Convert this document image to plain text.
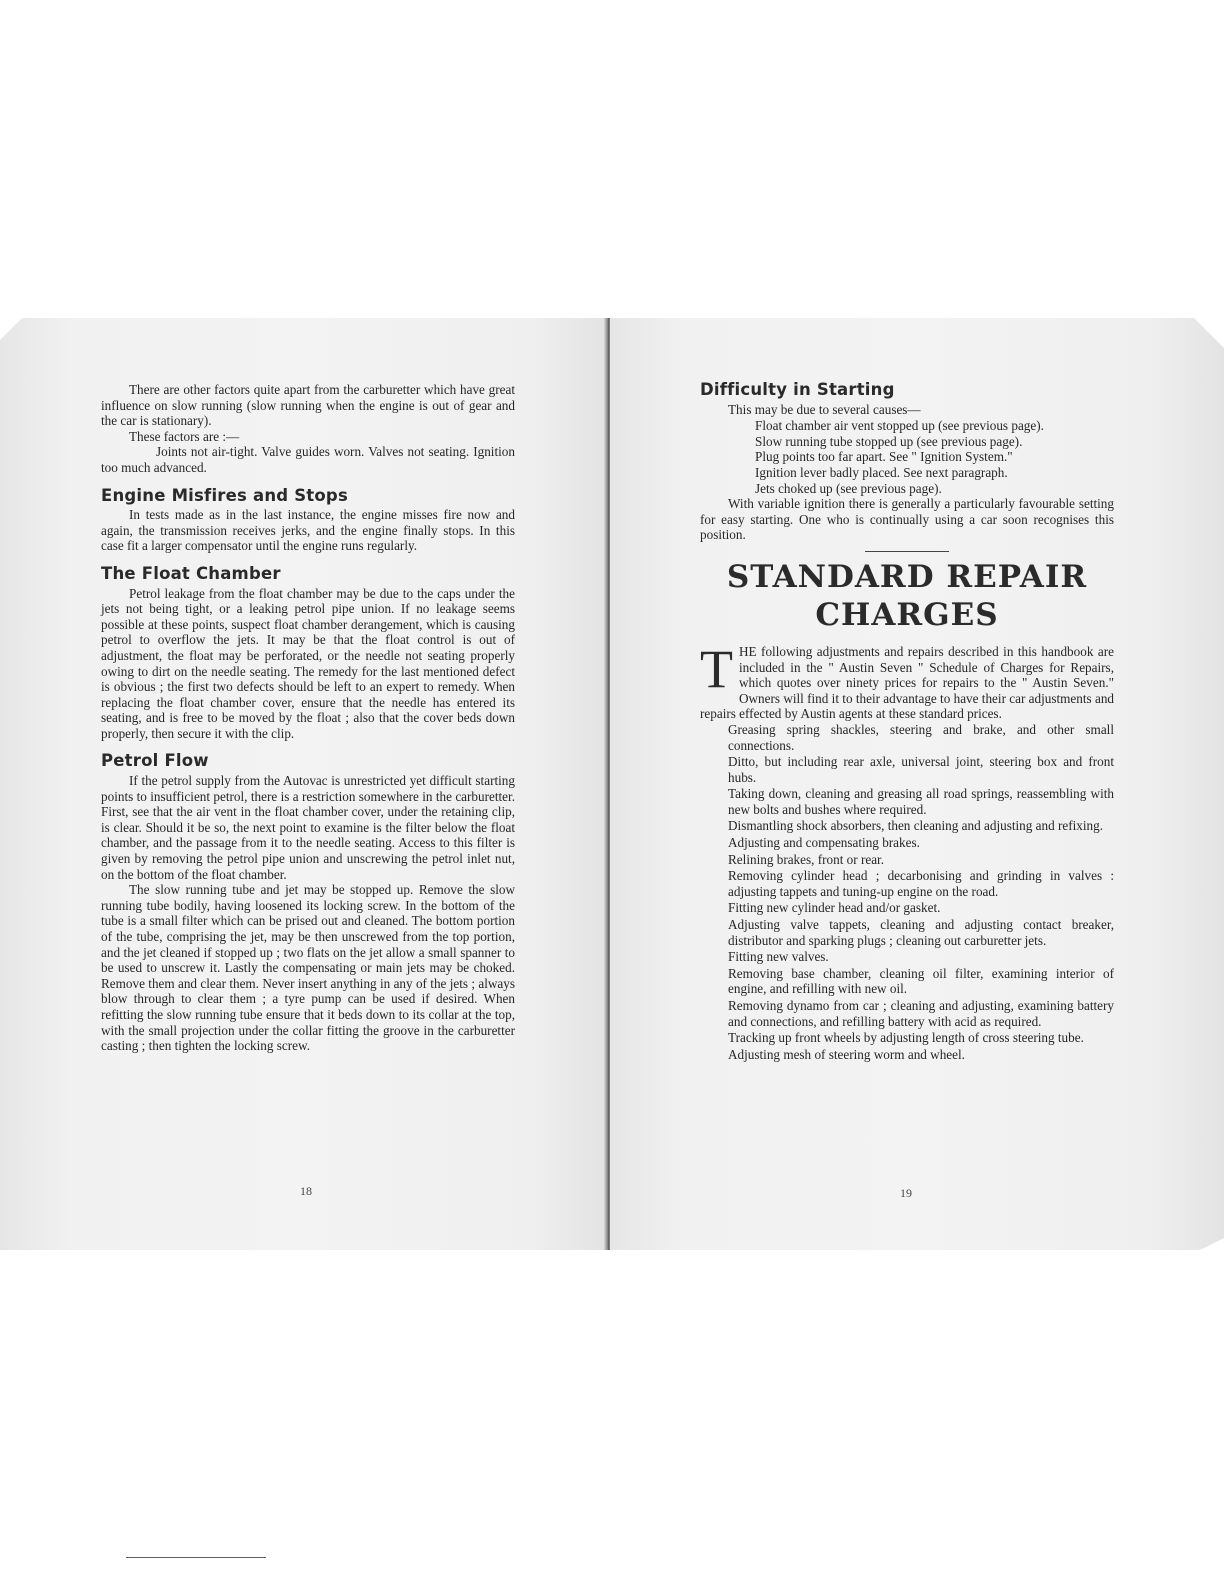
There are other factors quite apart from the carburetter which have great influence on slow running (slow running when the engine is out of gear and the car is stationary).

These factors are :—

Joints not air-tight. Valve guides worn. Valves not seating. Ignition too much advanced.

Engine Misfires and Stops

In tests made as in the last instance, the engine misses fire now and again, the transmission receives jerks, and the engine finally stops. In this case fit a larger compensator until the engine runs regularly.

The Float Chamber

Petrol leakage from the float chamber may be due to the caps under the jets not being tight, or a leaking petrol pipe union. If no leakage seems possible at these points, suspect float chamber derangement, which is causing petrol to overflow the jets. It may be that the float control is out of adjustment, the float may be perforated, or the needle not seating properly owing to dirt on the needle seating. The remedy for the last mentioned defect is obvious ; the first two defects should be left to an expert to remedy. When replacing the float chamber cover, ensure that the needle has entered its seating, and is free to be moved by the float ; also that the cover beds down properly, then secure it with the clip.

Petrol Flow

If the petrol supply from the Autovac is unrestricted yet difficult starting points to insufficient petrol, there is a restriction somewhere in the carburetter. First, see that the air vent in the float chamber cover, under the retaining clip, is clear. Should it be so, the next point to examine is the filter below the float chamber, and the passage from it to the needle seating. Access to this filter is given by removing the petrol pipe union and unscrewing the petrol inlet nut, on the bottom of the float chamber.

The slow running tube and jet may be stopped up. Remove the slow running tube bodily, having loosened its locking screw. In the bottom of the tube is a small filter which can be prised out and cleaned. The bottom portion of the tube, comprising the jet, may be then unscrewed from the top portion, and the jet cleaned if stopped up ; two flats on the jet allow a small spanner to be used to unscrew it. Lastly the compensating or main jets may be choked. Remove them and clear them. Never insert anything in any of the jets ; always blow through to clear them ; a tyre pump can be used if desired. When refitting the slow running tube ensure that it beds down to its collar at the top, with the small projection under the collar fitting the groove in the carburetter casting ; then tighten the locking screw.

18
Difficulty in Starting

This may be due to several causes—

Float chamber air vent stopped up (see previous page).
Slow running tube stopped up (see previous page).
Plug points too far apart. See " Ignition System."
Ignition lever badly placed. See next paragraph.
Jets choked up (see previous page).

With variable ignition there is generally a particularly favourable setting for easy starting. One who is continually using a car soon recognises this position.

STANDARD REPAIR
CHARGES

THE following adjustments and repairs described in this handbook are included in the " Austin Seven " Schedule of Charges for Repairs, which quotes over ninety prices for repairs to the " Austin Seven." Owners will find it to their advantage to have their car adjustments and repairs effected by Austin agents at these standard prices.

Greasing spring shackles, steering and brake, and other small connections.
Ditto, but including rear axle, universal joint, steering box and front hubs.
Taking down, cleaning and greasing all road springs, reassembling with new bolts and bushes where required.
Dismantling shock absorbers, then cleaning and adjusting and refixing.
Adjusting and compensating brakes.
Relining brakes, front or rear.
Removing cylinder head ; decarbonising and grinding in valves : adjusting tappets and tuning-up engine on the road.
Fitting new cylinder head and/or gasket.
Adjusting valve tappets, cleaning and adjusting contact breaker, distributor and sparking plugs ; cleaning out carburetter jets.
Fitting new valves.
Removing base chamber, cleaning oil filter, examining interior of engine, and refilling with new oil.
Removing dynamo from car ; cleaning and adjusting, examining battery and connections, and refilling battery with acid as required.
Tracking up front wheels by adjusting length of cross steering tube.
Adjusting mesh of steering worm and wheel.
19
